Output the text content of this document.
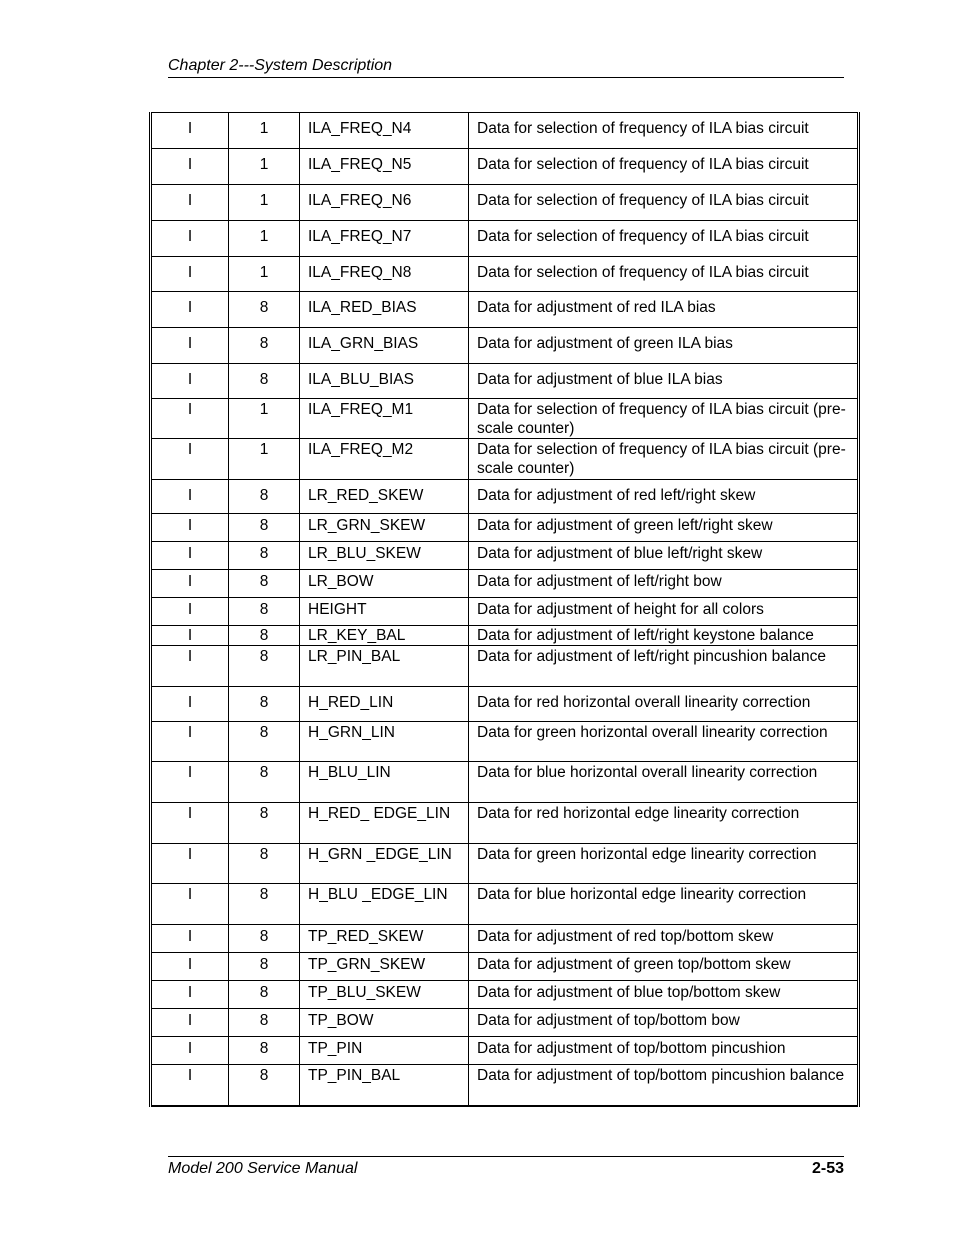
Chapter 2---System Description
I	1	ILA_FREQ_N4	Data for selection of frequency of ILA bias circuit
I	1	ILA_FREQ_N5	Data for selection of frequency of ILA bias circuit
I	1	ILA_FREQ_N6	Data for selection of frequency of ILA bias circuit
I	1	ILA_FREQ_N7	Data for selection of frequency of ILA bias circuit
I	1	ILA_FREQ_N8	Data for selection of frequency of ILA bias circuit
I	8	ILA_RED_BIAS	Data for adjustment of red ILA bias
I	8	ILA_GRN_BIAS	Data for adjustment of green ILA bias
I	8	ILA_BLU_BIAS	Data for adjustment of blue ILA bias
I	1	ILA_FREQ_M1	Data for selection of frequency of ILA bias circuit (pre-scale counter)
I	1	ILA_FREQ_M2	Data for selection of frequency of ILA bias circuit (pre-scale counter)
I	8	LR_RED_SKEW	Data for adjustment of red left/right skew
I	8	LR_GRN_SKEW	Data for adjustment of green left/right skew
I	8	LR_BLU_SKEW	Data for adjustment of blue left/right skew
I	8	LR_BOW	Data for adjustment of left/right bow
I	8	HEIGHT	Data for adjustment of height for all colors
I	8	LR_KEY_BAL	Data for adjustment of left/right keystone balance
I	8	LR_PIN_BAL	Data for adjustment of left/right pincushion balance
I	8	H_RED_LIN	Data for red horizontal overall linearity correction
I	8	H_GRN_LIN	Data for green horizontal overall linearity correction
I	8	H_BLU_LIN	Data for blue horizontal overall linearity correction
I	8	H_RED_ EDGE_LIN	Data for red horizontal edge linearity correction
I	8	H_GRN _EDGE_LIN	Data for green horizontal edge linearity correction
I	8	H_BLU _EDGE_LIN	Data for blue horizontal edge linearity correction
I	8	TP_RED_SKEW	Data for adjustment of red top/bottom skew
I	8	TP_GRN_SKEW	Data for adjustment of green top/bottom skew
I	8	TP_BLU_SKEW	Data for adjustment of blue top/bottom skew
I	8	TP_BOW	Data for adjustment of top/bottom bow
I	8	TP_PIN	Data for adjustment of top/bottom pincushion
I	8	TP_PIN_BAL	Data for adjustment of top/bottom pincushion balance
Model 200 Service Manual	2-53
